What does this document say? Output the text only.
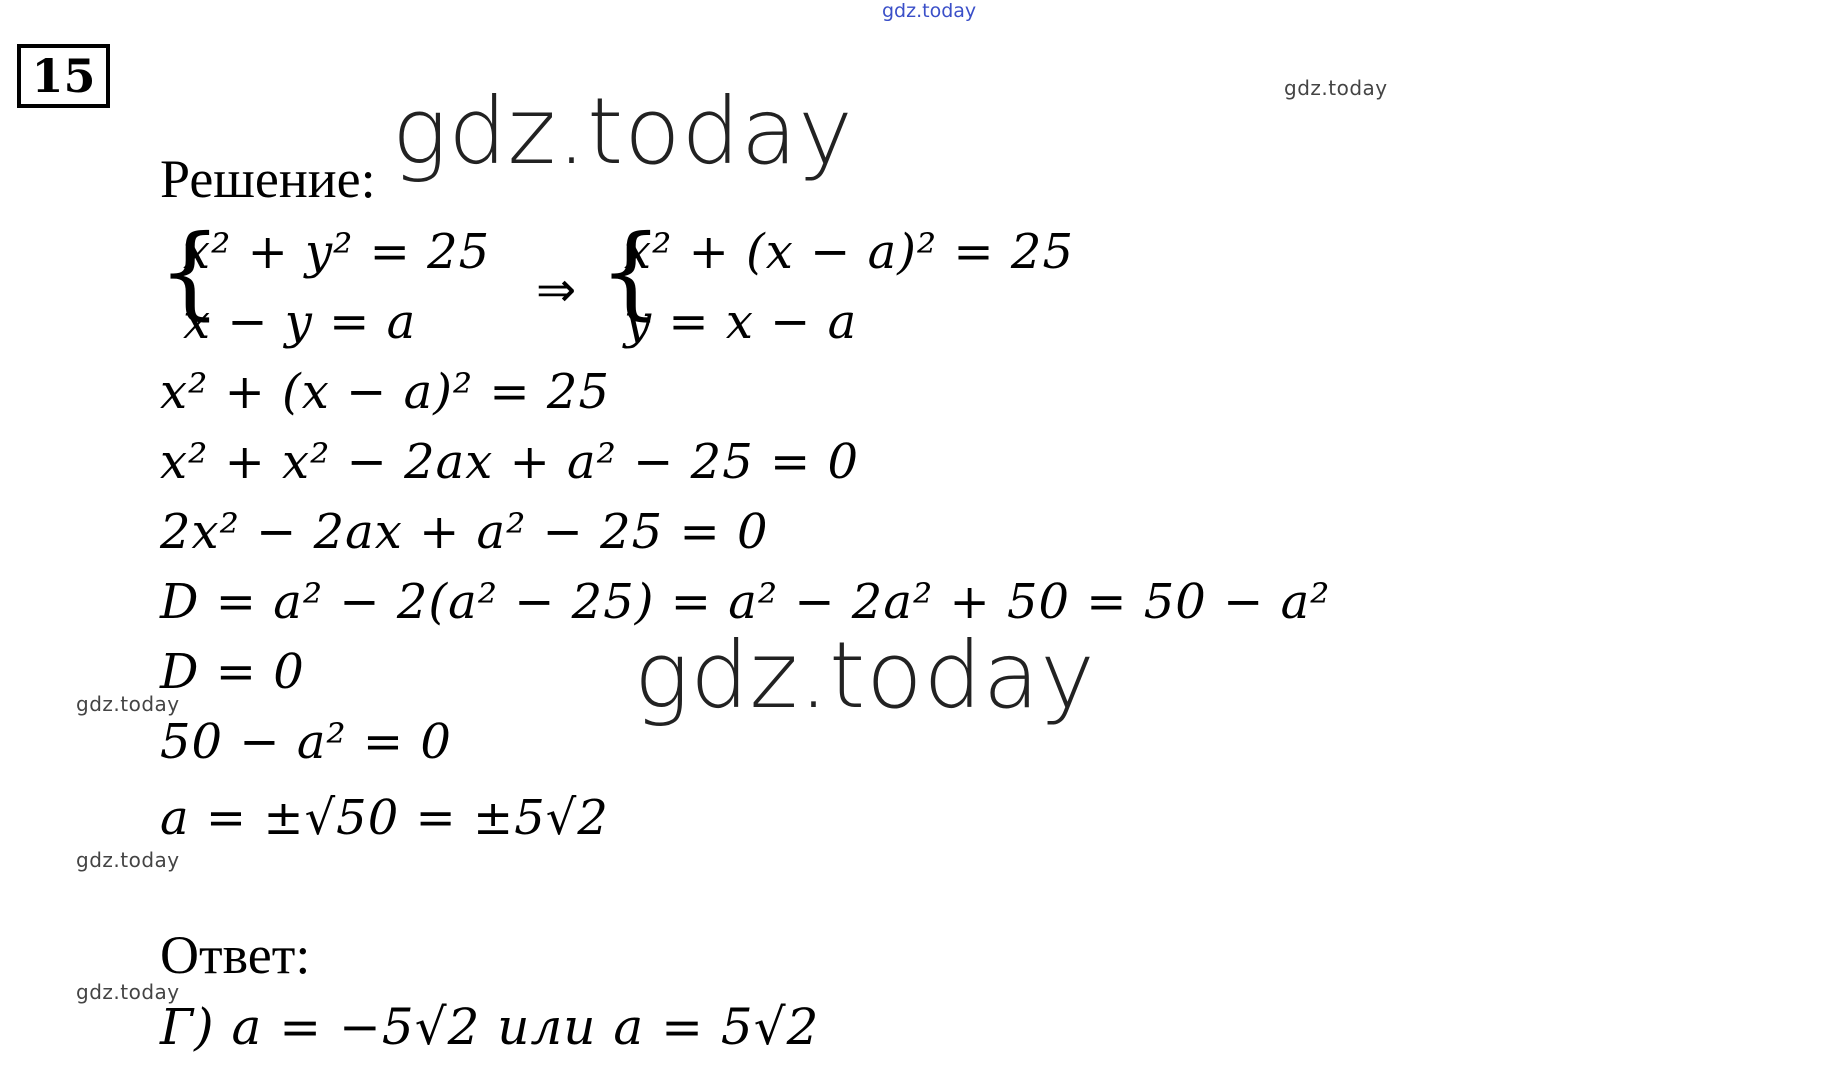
gdz.today
15	gdz.today
gdz.today
Решение:
{
x² + y² = 25
x − y = a
⇒ {
x² + (x − a)² = 25
y = x − a
x² + (x − a)² = 25
x² + x² − 2ax + a² − 25 = 0
2x² − 2ax + a² − 25 = 0
D = a² − 2(a² − 25) = a² − 2a² + 50 = 50 − a²
D = 0	gdz.today
gdz.today
50 − a² = 0
a = ±√50 = ±5√2
gdz.today
Ответ:
gdz.today
Г) a = −5√2 или a = 5√2
